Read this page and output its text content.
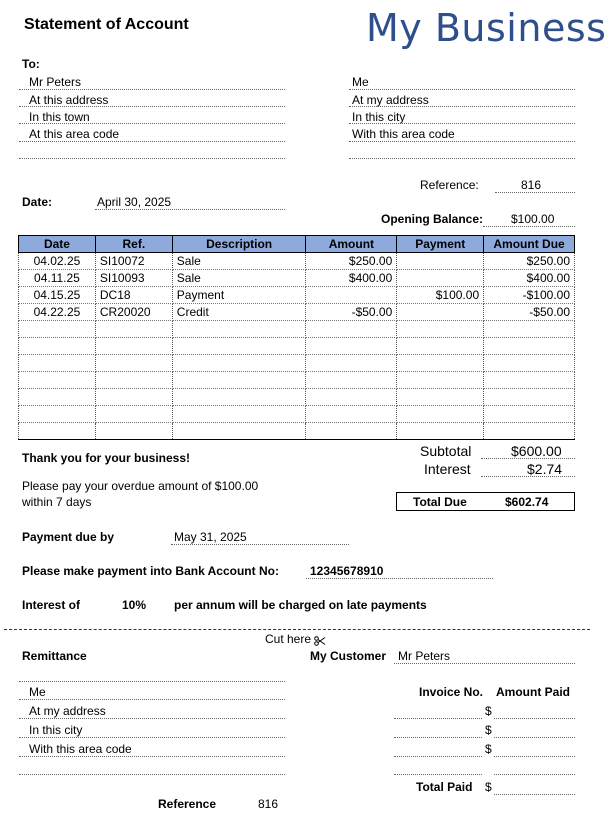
Statement of Account	My Business
To:
Mr Peters
At this address
In this town
At this area code
Me
At my address
In this city
With this area code
Reference:	816
Date:	April 30, 2025
Opening Balance: $100.00
Date	Ref.	Description	Amount	Payment	Amount Due
04.02.25	SI10072	Sale	$250.00		$250.00
04.11.25	SI10093	Sale	$400.00		$400.00
04.15.25	DC18	Payment		$100.00	-$100.00
04.22.25	CR20020	Credit	-$50.00		-$50.00

Subtotal	$600.00
Interest	$2.74
Total Due	$602.74
Thank you for your business!
Please pay your overdue amount of $100.00
within 7 days
Payment due by	May 31, 2025
Please make payment into Bank Account No:	12345678910
Interest of	10% per annum will be charged on late payments
Cut here
Remittance	My Customer Mr Peters
Me
At my address
In this city
With this area code
Invoice No. Amount Paid
$
$
$
Total Paid $
Reference	816
